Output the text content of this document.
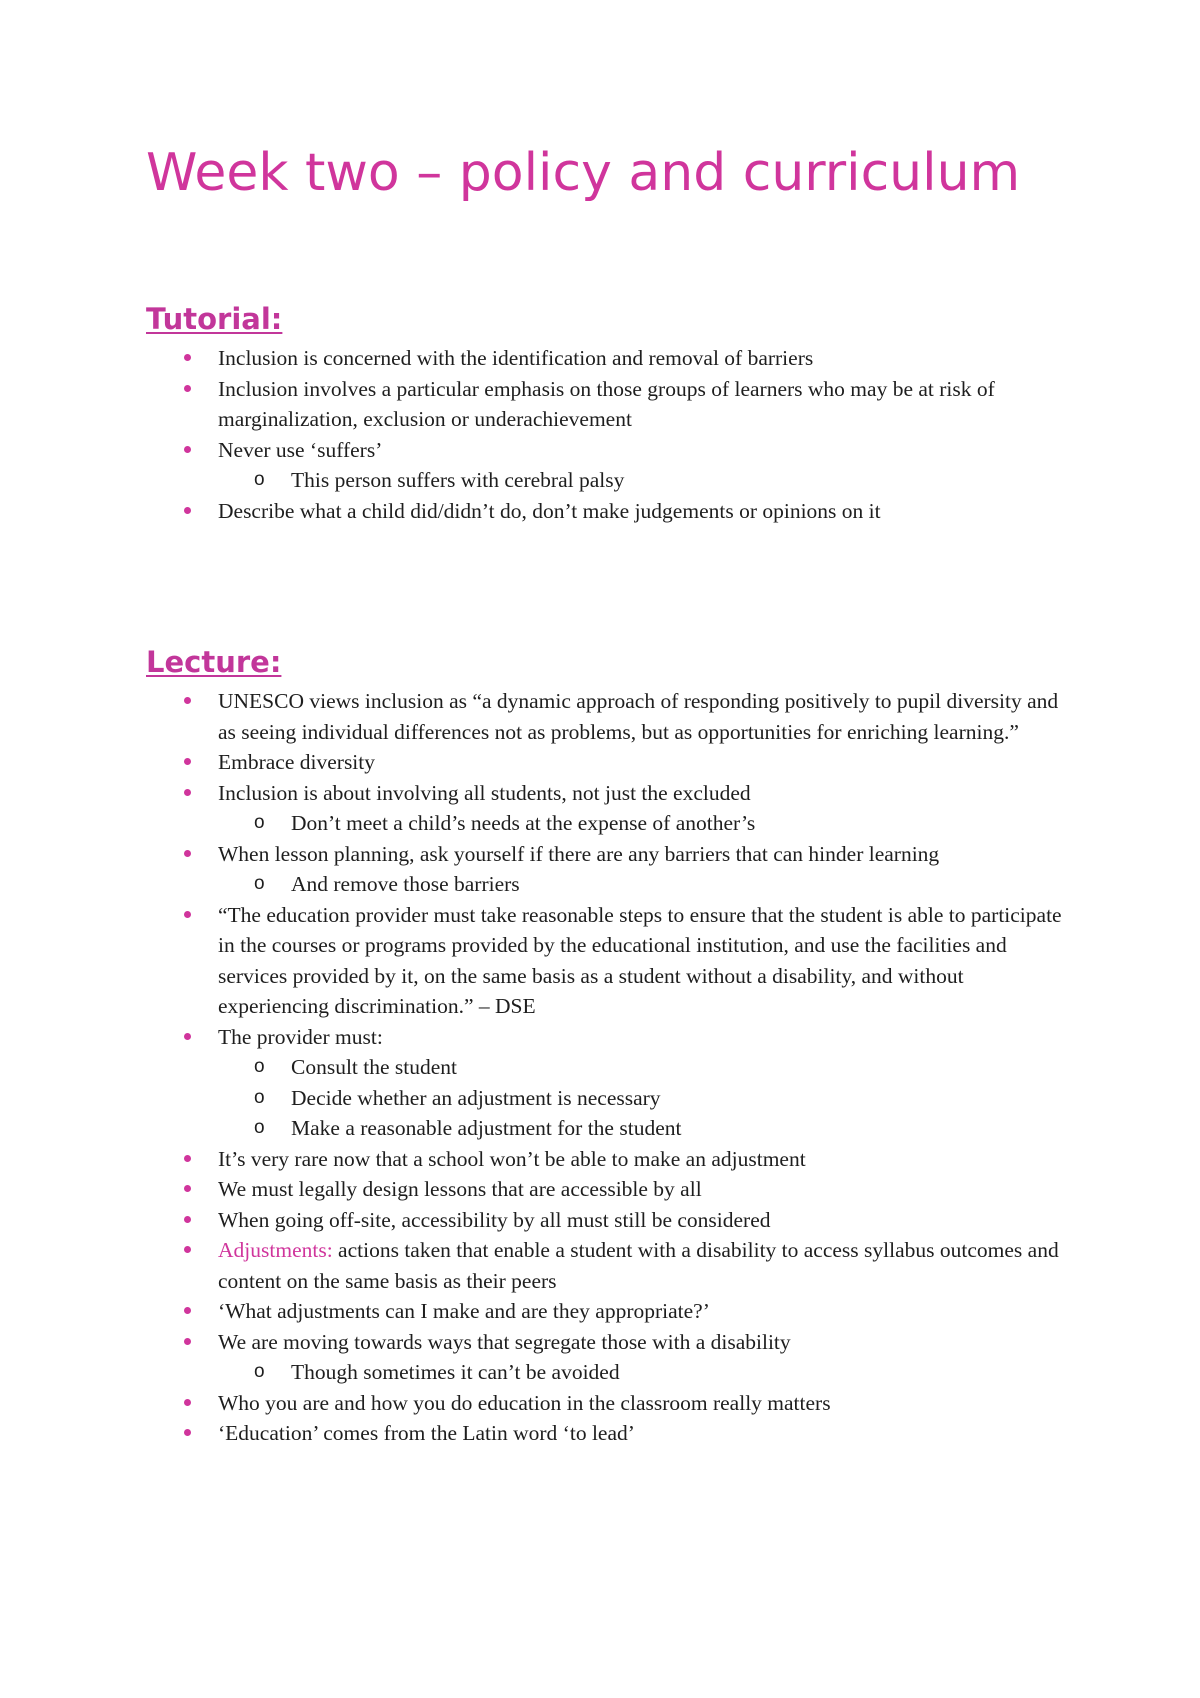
Week two – policy and curriculum
Tutorial:
Inclusion is concerned with the identification and removal of barriers
Inclusion involves a particular emphasis on those groups of learners who may be at risk of marginalization, exclusion or underachievement
Never use ‘suffers’
o This person suffers with cerebral palsy
Describe what a child did/didn’t do, don’t make judgements or opinions on it
Lecture:
UNESCO views inclusion as “a dynamic approach of responding positively to pupil diversity and as seeing individual differences not as problems, but as opportunities for enriching learning.”
Embrace diversity
Inclusion is about involving all students, not just the excluded
o Don’t meet a child’s needs at the expense of another’s
When lesson planning, ask yourself if there are any barriers that can hinder learning
o And remove those barriers
“The education provider must take reasonable steps to ensure that the student is able to participate in the courses or programs provided by the educational institution, and use the facilities and services provided by it, on the same basis as a student without a disability, and without experiencing discrimination.” – DSE
The provider must:
o Consult the student
o Decide whether an adjustment is necessary
o Make a reasonable adjustment for the student
It’s very rare now that a school won’t be able to make an adjustment
We must legally design lessons that are accessible by all
When going off-site, accessibility by all must still be considered
Adjustments: actions taken that enable a student with a disability to access syllabus outcomes and content on the same basis as their peers
‘What adjustments can I make and are they appropriate?’
We are moving towards ways that segregate those with a disability
o Though sometimes it can’t be avoided
Who you are and how you do education in the classroom really matters
‘Education’ comes from the Latin word ‘to lead’
